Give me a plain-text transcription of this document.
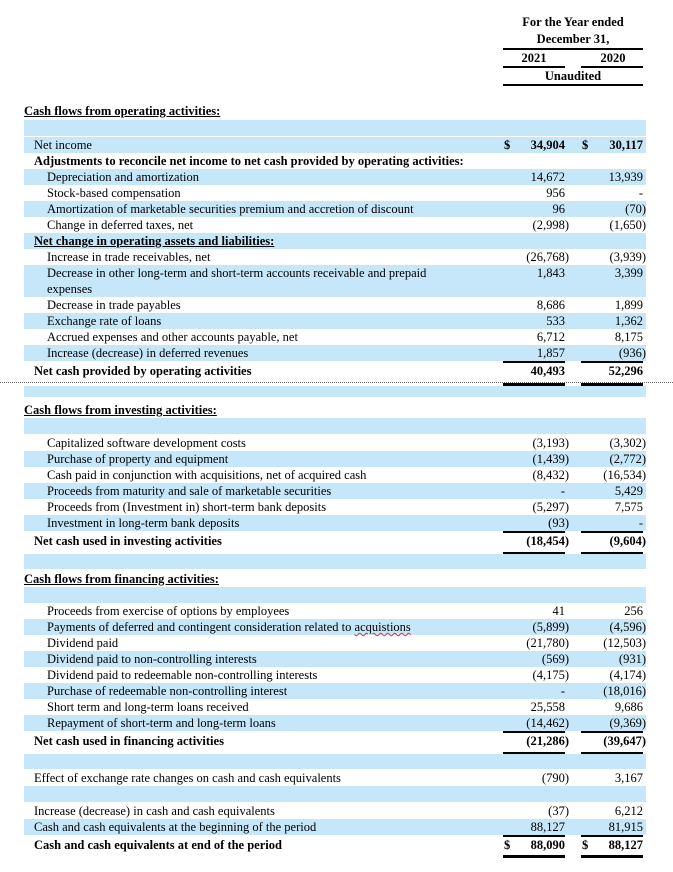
For the Year ended
December 31,
2021	2020
Unaudited
Cash flows from operating activities:
Net income	$	34,904 $	30,117
Adjustments to reconcile net income to net cash provided by operating activities:
Depreciation and amortization	14,672	13,939
Stock-based compensation	956	-
Amortization of marketable securities premium and accretion of discount	96	(70)
Change in deferred taxes, net	(2,998)	(1,650)
Net change in operating assets and liabilities:
Increase in trade receivables, net	(26,768)	(3,939)
Decrease in other long-term and short-term accounts receivable and prepaid
expenses
1,843	3,399
Decrease in trade payables	8,686	1,899
Exchange rate of loans	533	1,362
Accrued expenses and other accounts payable, net	6,712	8,175
Increase (decrease) in deferred revenues	1,857	(936)
Net cash provided by operating activities	40,493	52,296
Cash flows from investing activities:
Capitalized software development costs	(3,193)	(3,302)
Purchase of property and equipment	(1,439)	(2,772)
Cash paid in conjunction with acquisitions, net of acquired cash	(8,432)	(16,534)
Proceeds from maturity and sale of marketable securities	-	5,429
Proceeds from (Investment in) short-term bank deposits	(5,297)	7,575
Investment in long-term bank deposits	(93)	-
Net cash used in investing activities	(18,454)	(9,604)
Cash flows from financing activities:
Proceeds from exercise of options by employees	41	256
Payments of deferred and contingent consideration related to acquistions	(5,899)	(4,596)
Dividend paid	(21,780)	(12,503)
Dividend paid to non-controlling interests	(569)	(931)
Dividend paid to redeemable non-controlling interests	(4,175)	(4,174)
Purchase of redeemable non-controlling interest	-	(18,016)
Short term and long-term loans received	25,558	9,686
Repayment of short-term and long-term loans	(14,462)	(9,369)
Net cash used in financing activities	(21,286)	(39,647)
Effect of exchange rate changes on cash and cash equivalents	(790)	3,167
Increase (decrease) in cash and cash equivalents	(37)	6,212
Cash and cash equivalents at the beginning of the period	88,127	81,915
Cash and cash equivalents at end of the period	$	88,090 $	88,127
